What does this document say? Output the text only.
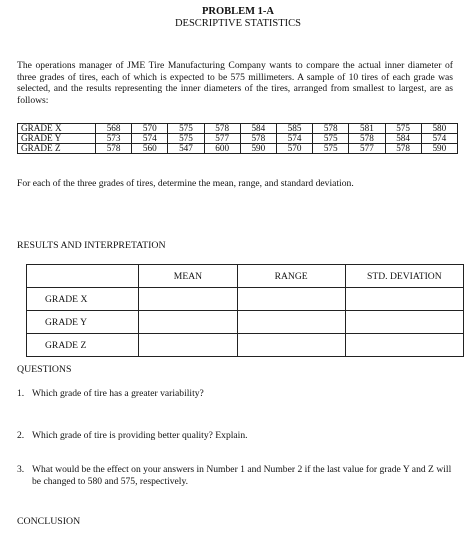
PROBLEM 1-A
DESCRIPTIVE STATISTICS
The operations manager of JME Tire Manufacturing Company wants to compare the actual inner diameter of three grades of tires, each of which is expected to be 575 millimeters. A sample of 10 tires of each grade was selected, and the results representing the inner diameters of the tires, arranged from smallest to largest, are as follows:
GRADE X	568	570	575	578	584	585	578	581	575	580
GRADE Y	573	574	575	577	578	574	575	578	584	574
GRADE Z	578	560	547	600	590	570	575	577	578	590
For each of the three grades of tires, determine the mean, range, and standard deviation.
RESULTS AND INTERPRETATION
	MEAN	RANGE	STD. DEVIATION
GRADE X			
GRADE Y			
GRADE Z			
QUESTIONS
1. Which grade of tire has a greater variability?
2. Which grade of tire is providing better quality? Explain.
3. What would be the effect on your answers in Number 1 and Number 2 if the last value for grade Y and Z will be changed to 580 and 575, respectively.
CONCLUSION
